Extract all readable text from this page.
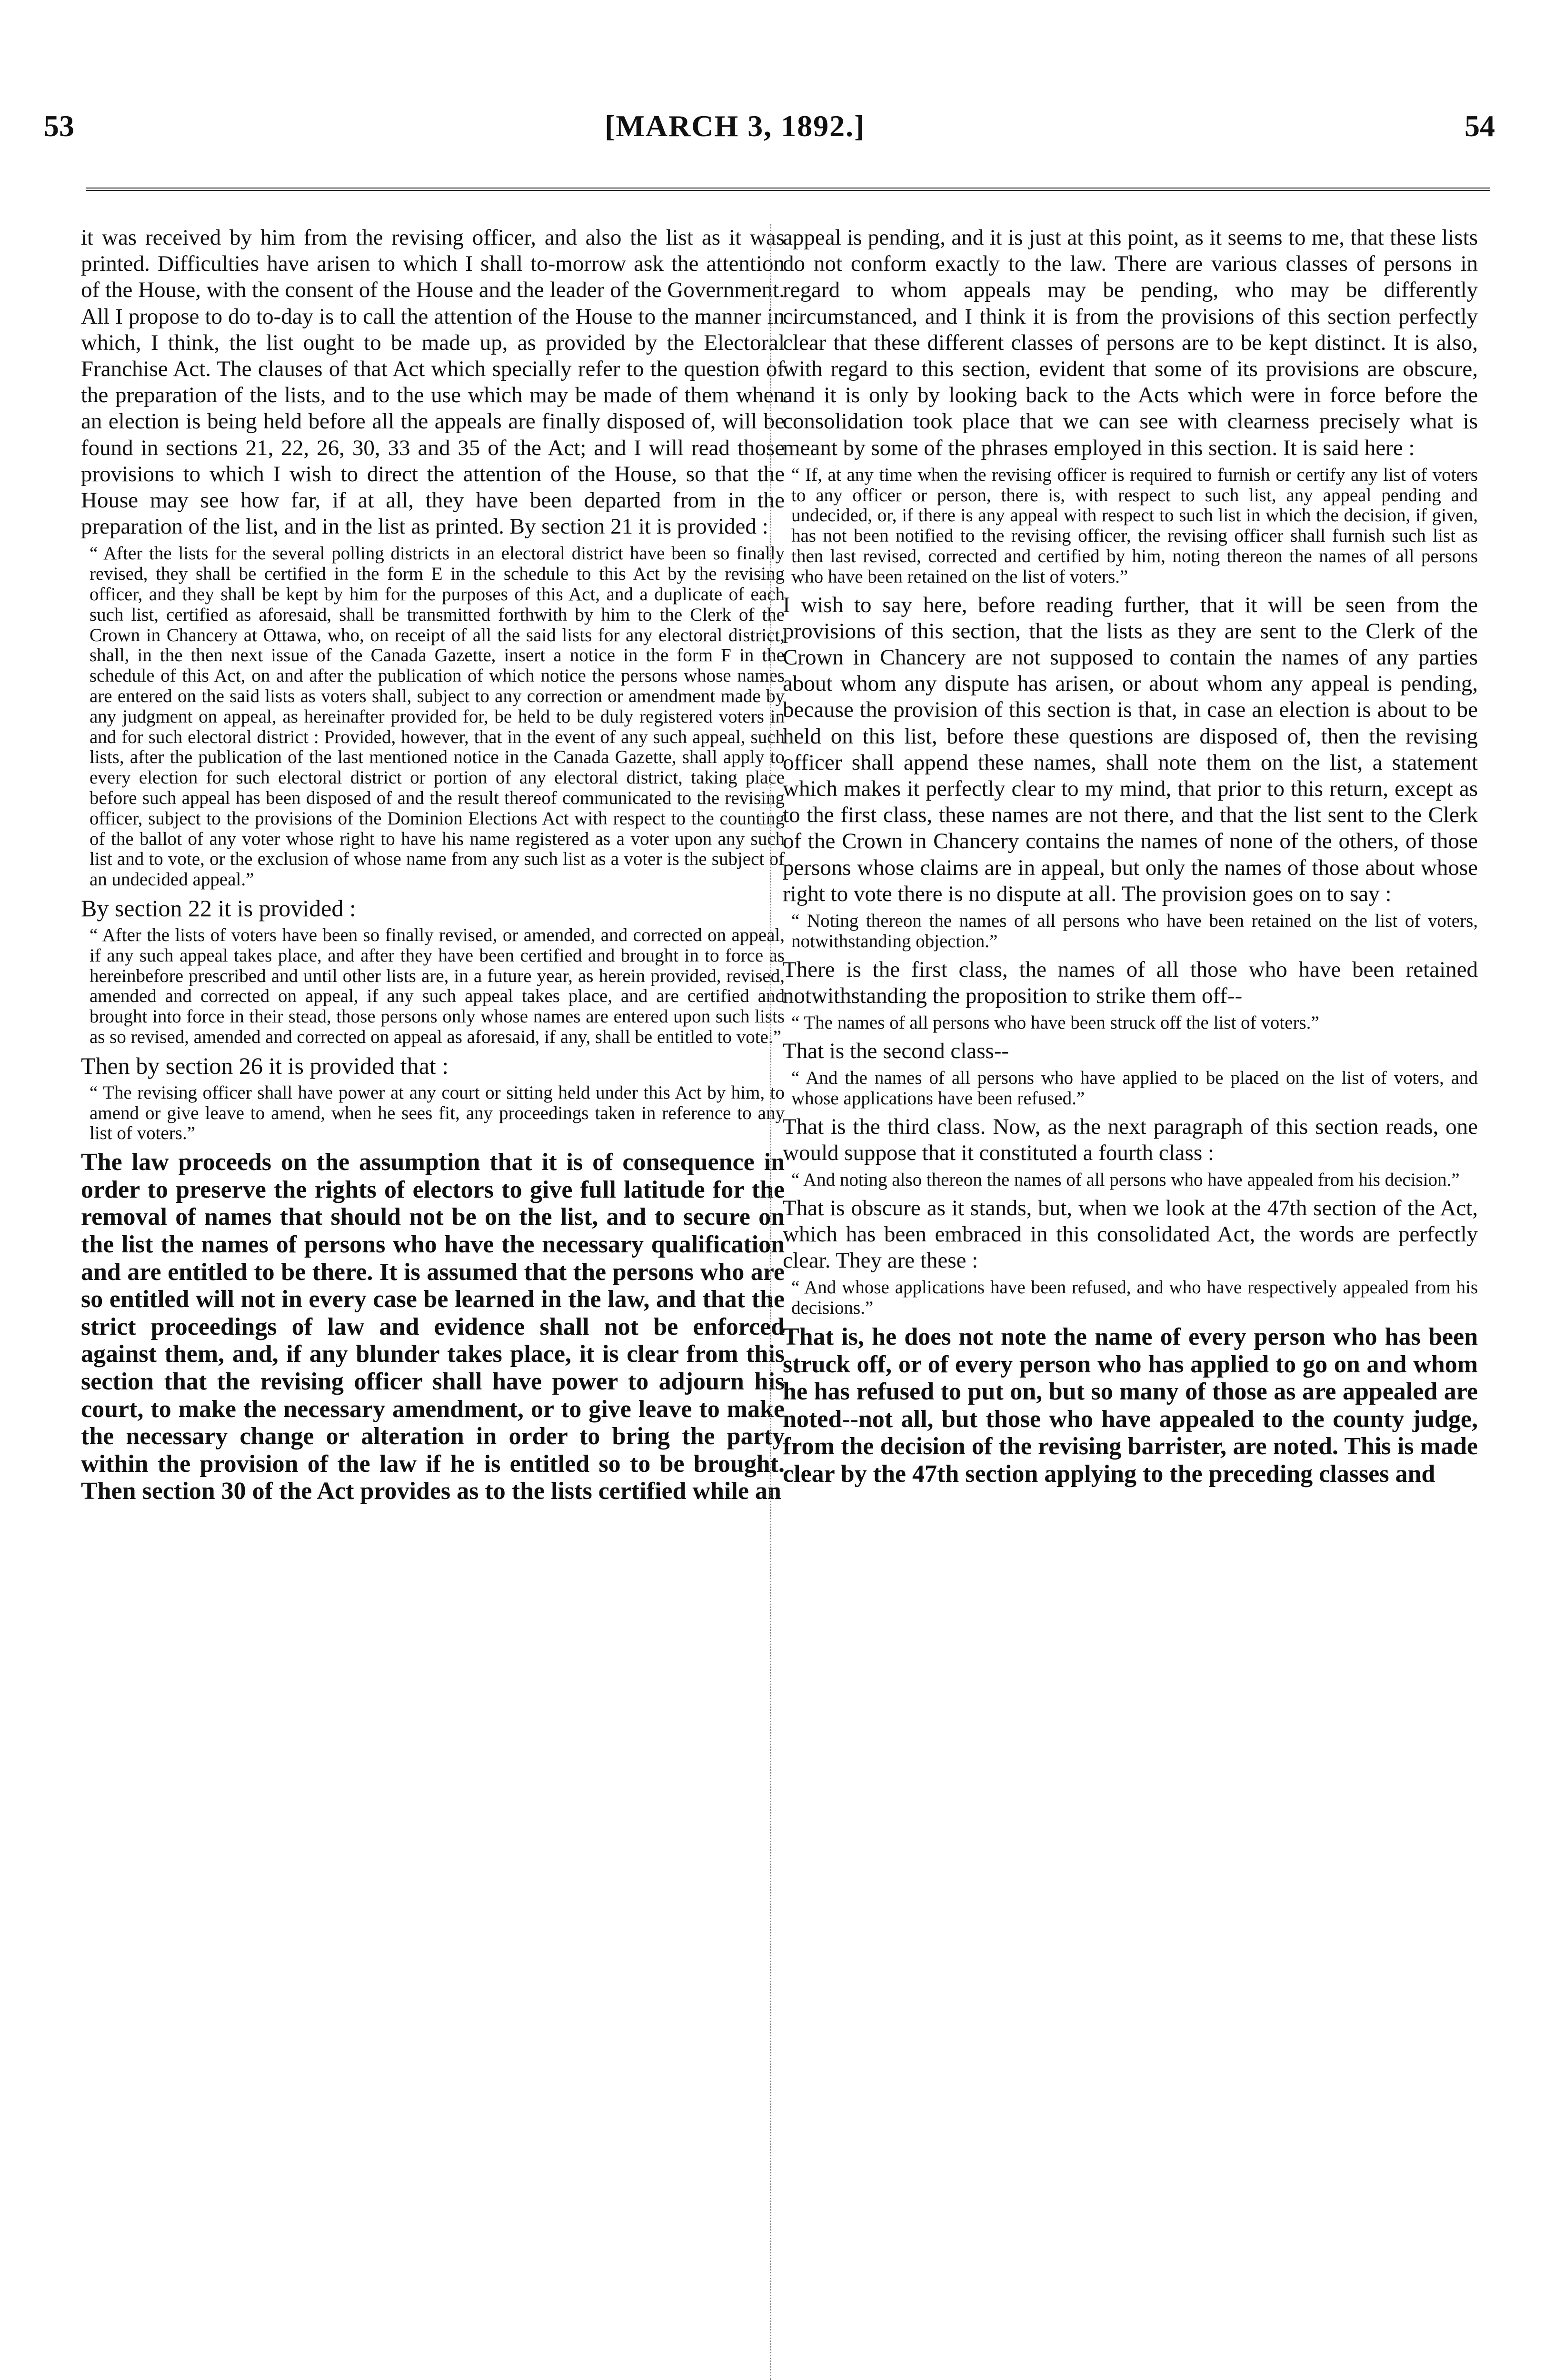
53	[MARCH 3, 1892.]	54

it was received by him from the revising officer, and also the list as it was printed. Difficulties have arisen to which I shall to-morrow ask the attention of the House, with the consent of the House and the leader of the Government. All I propose to do to-day is to call the attention of the House to the manner in which, I think, the list ought to be made up, as provided by the Electoral Franchise Act. The clauses of that Act which specially refer to the question of the preparation of the lists, and to the use which may be made of them when an election is being held before all the appeals are finally disposed of, will be found in sections 21, 22, 26, 30, 33 and 35 of the Act; and I will read those provisions to which I wish to direct the attention of the House, so that the House may see how far, if at all, they have been departed from in the preparation of the list, and in the list as printed. By section 21 it is provided :

“ After the lists for the several polling districts in an electoral district have been so finally revised, they shall be certified in the form E in the schedule to this Act by the revising officer, and they shall be kept by him for the purposes of this Act, and a duplicate of each such list, certified as aforesaid, shall be transmitted forthwith by him to the Clerk of the Crown in Chancery at Ottawa, who, on receipt of all the said lists for any electoral district, shall, in the then next issue of the Canada Gazette, insert a notice in the form F in the schedule of this Act, on and after the publication of which notice the persons whose names are entered on the said lists as voters shall, subject to any correction or amendment made by any judgment on appeal, as hereinafter provided for, be held to be duly registered voters in and for such electoral district : Provided, however, that in the event of any such appeal, such lists, after the publication of the last mentioned notice in the Canada Gazette, shall apply to every election for such electoral district or portion of any electoral district, taking place before such appeal has been disposed of and the result thereof communicated to the revising officer, subject to the provisions of the Dominion Elections Act with respect to the counting of the ballot of any voter whose right to have his name registered as a voter upon any such list and to vote, or the exclusion of whose name from any such list as a voter is the subject of an undecided appeal.”

By section 22 it is provided :

“ After the lists of voters have been so finally revised, or amended, and corrected on appeal, if any such appeal takes place, and after they have been certified and brought in to force as hereinbefore prescribed and until other lists are, in a future year, as herein provided, revised, amended and corrected on appeal, if any such appeal takes place, and are certified and brought into force in their stead, those persons only whose names are entered upon such lists as so revised, amended and corrected on appeal as aforesaid, if any, shall be entitled to vote.”

Then by section 26 it is provided that :

“ The revising officer shall have power at any court or sitting held under this Act by him, to amend or give leave to amend, when he sees fit, any proceedings taken in reference to any list of voters.”

The law proceeds on the assumption that it is of consequence in order to preserve the rights of electors to give full latitude for the removal of names that should not be on the list, and to secure on the list the names of persons who have the necessary qualification and are entitled to be there. It is assumed that the persons who are so entitled will not in every case be learned in the law, and that the strict proceedings of law and evidence shall not be enforced against them, and, if any blunder takes place, it is clear from this section that the revising officer shall have power to adjourn his court, to make the necessary amendment, or to give leave to make the necessary change or alteration in order to bring the party within the provision of the law if he is entitled so to be brought. Then section 30 of the Act provides as to the lists certified while an

appeal is pending, and it is just at this point, as it seems to me, that these lists do not conform exactly to the law. There are various classes of persons in regard to whom appeals may be pending, who may be differently circumstanced, and I think it is from the provisions of this section perfectly clear that these different classes of persons are to be kept distinct. It is also, with regard to this section, evident that some of its provisions are obscure, and it is only by looking back to the Acts which were in force before the consolidation took place that we can see with clearness precisely what is meant by some of the phrases employed in this section. It is said here :

“ If, at any time when the revising officer is required to furnish or certify any list of voters to any officer or person, there is, with respect to such list, any appeal pending and undecided, or, if there is any appeal with respect to such list in which the decision, if given, has not been notified to the revising officer, the revising officer shall furnish such list as then last revised, corrected and certified by him, noting thereon the names of all persons who have been retained on the list of voters.”

I wish to say here, before reading further, that it will be seen from the provisions of this section, that the lists as they are sent to the Clerk of the Crown in Chancery are not supposed to contain the names of any parties about whom any dispute has arisen, or about whom any appeal is pending, because the provision of this section is that, in case an election is about to be held on this list, before these questions are disposed of, then the revising officer shall append these names, shall note them on the list, a statement which makes it perfectly clear to my mind, that prior to this return, except as to the first class, these names are not there, and that the list sent to the Clerk of the Crown in Chancery contains the names of none of the others, of those persons whose claims are in appeal, but only the names of those about whose right to vote there is no dispute at all. The provision goes on to say :

“ Noting thereon the names of all persons who have been retained on the list of voters, notwithstanding objection.”

There is the first class, the names of all those who have been retained notwithstanding the proposition to strike them off--

“ The names of all persons who have been struck off the list of voters.”

That is the second class--

“ And the names of all persons who have applied to be placed on the list of voters, and whose applications have been refused.”

That is the third class. Now, as the next paragraph of this section reads, one would suppose that it constituted a fourth class :

“ And noting also thereon the names of all persons who have appealed from his decision.”

That is obscure as it stands, but, when we look at the 47th section of the Act, which has been embraced in this consolidated Act, the words are perfectly clear. They are these :

“ And whose applications have been refused, and who have respectively appealed from his decisions.”

That is, he does not note the name of every person who has been struck off, or of every person who has applied to go on and whom he has refused to put on, but so many of those as are appealed are noted--not all, but those who have appealed to the county judge, from the decision of the revising barrister, are noted. This is made clear by the 47th section applying to the preceding classes and
